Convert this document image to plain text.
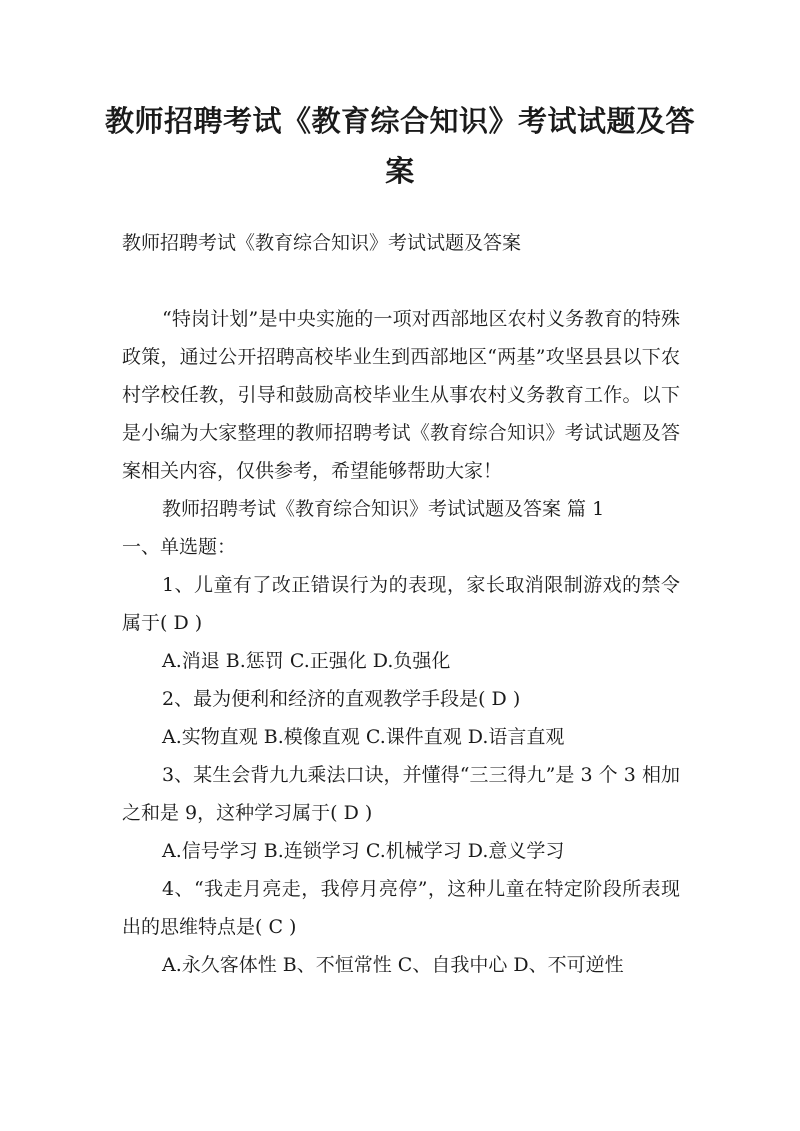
教师招聘考试《教育综合知识》考试试题及答案

教师招聘考试《教育综合知识》考试试题及答案

“特岗计划”是中央实施的一项对西部地区农村义务教育的特殊政策，通过公开招聘高校毕业生到西部地区“两基”攻坚县县以下农村学校任教，引导和鼓励高校毕业生从事农村义务教育工作。以下是小编为大家整理的教师招聘考试《教育综合知识》考试试题及答案相关内容，仅供参考，希望能够帮助大家！

教师招聘考试《教育综合知识》考试试题及答案 篇 1

一、单选题：

1、儿童有了改正错误行为的表现，家长取消限制游戏的禁令属于( D )

A.消退 B.惩罚 C.正强化 D.负强化

2、最为便利和经济的直观教学手段是( D )

A.实物直观 B.模像直观 C.课件直观 D.语言直观

3、某生会背九九乘法口诀，并懂得“三三得九”是 3 个 3 相加之和是 9，这种学习属于( D )

A.信号学习 B.连锁学习 C.机械学习 D.意义学习

4、“我走月亮走，我停月亮停”，这种儿童在特定阶段所表现出的思维特点是( C )

A.永久客体性 B、不恒常性 C、自我中心 D、不可逆性
